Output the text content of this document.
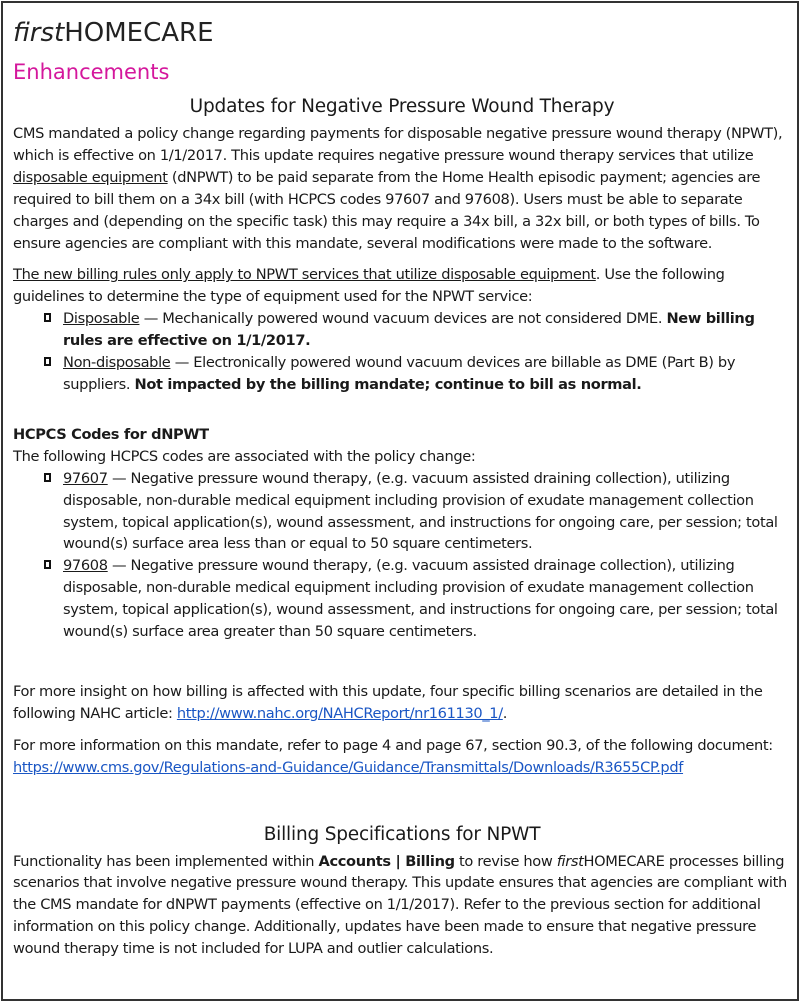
firstHOMECARE
Enhancements
Updates for Negative Pressure Wound Therapy

CMS mandated a policy change regarding payments for disposable negative pressure wound therapy (NPWT), which is effective on 1/1/2017. This update requires negative pressure wound therapy services that utilize disposable equipment (dNPWT) to be paid separate from the Home Health episodic payment; agencies are required to bill them on a 34x bill (with HCPCS codes 97607 and 97608). Users must be able to separate charges and (depending on the specific task) this may require a 34x bill, a 32x bill, or both types of bills. To ensure agencies are compliant with this mandate, several modifications were made to the software.

The new billing rules only apply to NPWT services that utilize disposable equipment. Use the following guidelines to determine the type of equipment used for the NPWT service:

Disposable — Mechanically powered wound vacuum devices are not considered DME. New billing rules are effective on 1/1/2017.
Non-disposable — Electronically powered wound vacuum devices are billable as DME (Part B) by suppliers. Not impacted by the billing mandate; continue to bill as normal.
HCPCS Codes for dNPWT
The following HCPCS codes are associated with the policy change:
97607 — Negative pressure wound therapy, (e.g. vacuum assisted draining collection), utilizing disposable, non-durable medical equipment including provision of exudate management collection system, topical application(s), wound assessment, and instructions for ongoing care, per session; total wound(s) surface area less than or equal to 50 square centimeters.
97608 — Negative pressure wound therapy, (e.g. vacuum assisted drainage collection), utilizing disposable, non-durable medical equipment including provision of exudate management collection system, topical application(s), wound assessment, and instructions for ongoing care, per session; total wound(s) surface area greater than 50 square centimeters.

For more insight on how billing is affected with this update, four specific billing scenarios are detailed in the following NAHC article: http://www.nahc.org/NAHCReport/nr161130_1/.

For more information on this mandate, refer to page 4 and page 67, section 90.3, of the following document: https://www.cms.gov/Regulations-and-Guidance/Guidance/Transmittals/Downloads/R3655CP.pdf

Billing Specifications for NPWT

Functionality has been implemented within Accounts | Billing to revise how firstHOMECARE processes billing scenarios that involve negative pressure wound therapy. This update ensures that agencies are compliant with the CMS mandate for dNPWT payments (effective on 1/1/2017). Refer to the previous section for additional information on this policy change. Additionally, updates have been made to ensure that negative pressure wound therapy time is not included for LUPA and outlier calculations.
